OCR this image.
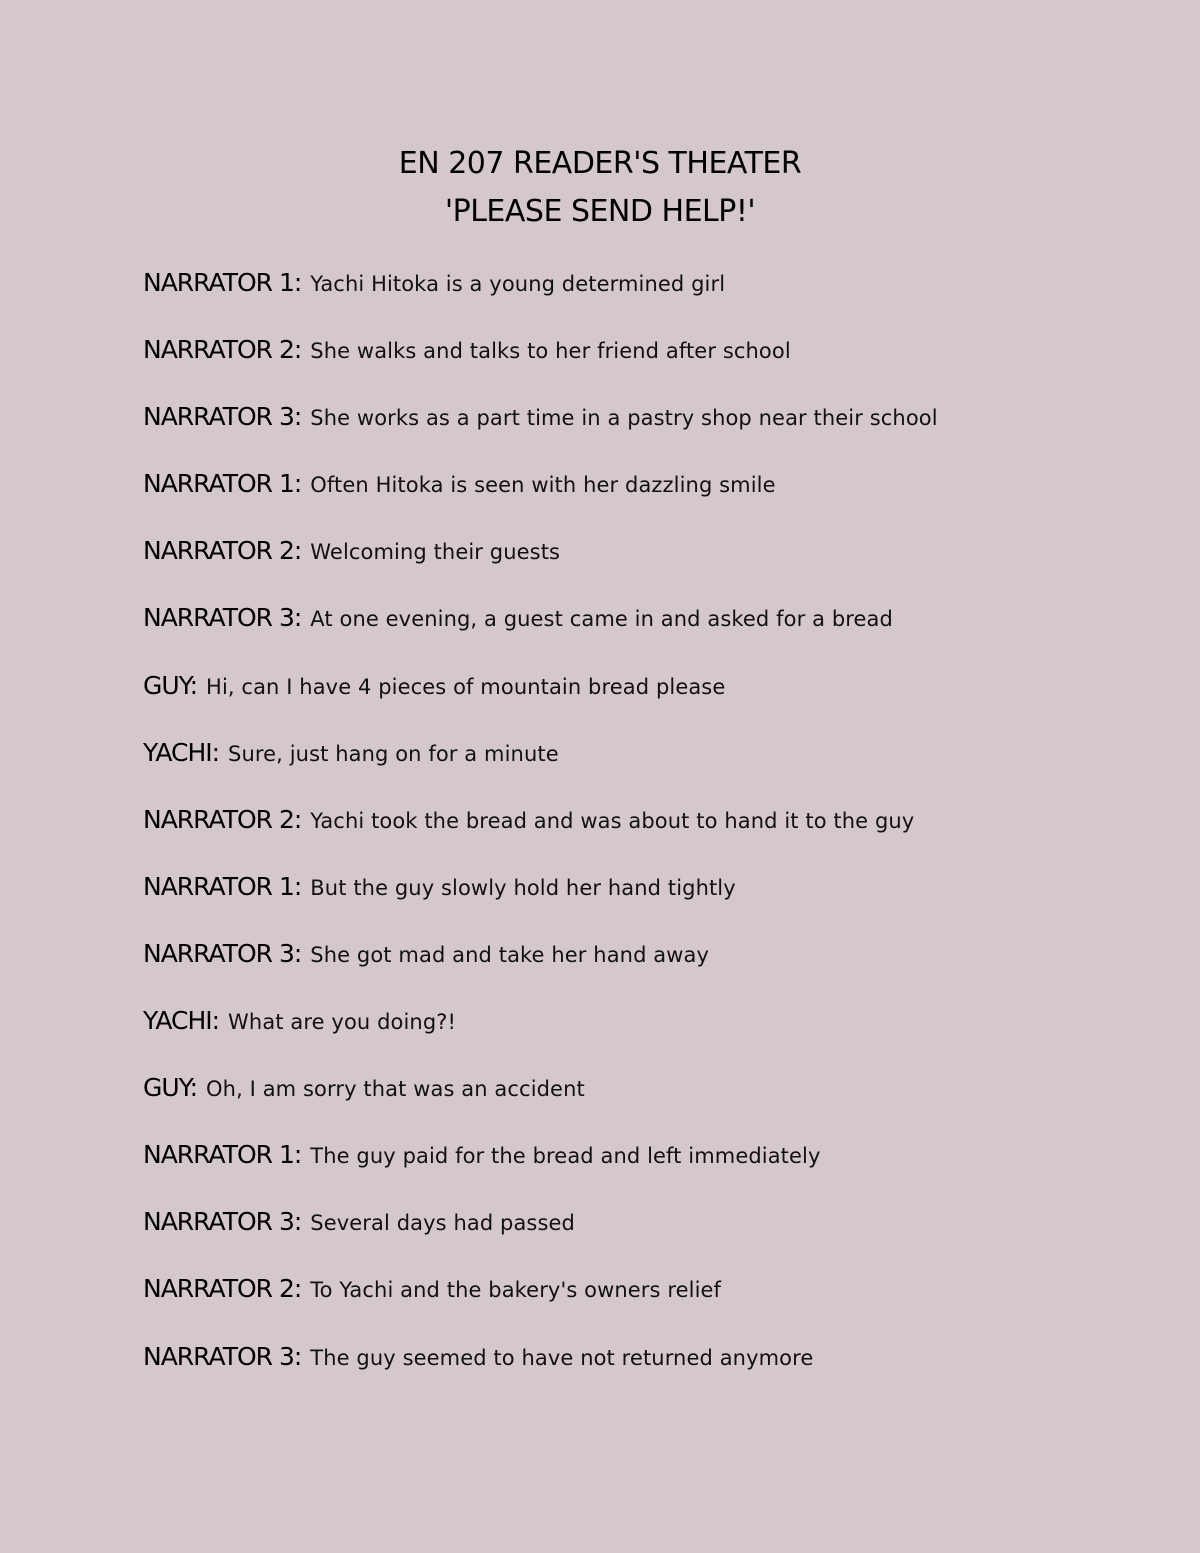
EN 207 READER'S THEATER
'PLEASE SEND HELP!'
NARRATOR 1: Yachi Hitoka is a young determined girl
NARRATOR 2: She walks and talks to her friend after school
NARRATOR 3: She works as a part time in a pastry shop near their school
NARRATOR 1: Often Hitoka is seen with her dazzling smile
NARRATOR 2: Welcoming their guests
NARRATOR 3: At one evening, a guest came in and asked for a bread
GUY: Hi, can I have 4 pieces of mountain bread please
YACHI: Sure, just hang on for a minute
NARRATOR 2: Yachi took the bread and was about to hand it to the guy
NARRATOR 1: But the guy slowly hold her hand tightly
NARRATOR 3: She got mad and take her hand away
YACHI: What are you doing?!
GUY: Oh, I am sorry that was an accident
NARRATOR 1: The guy paid for the bread and left immediately
NARRATOR 3: Several days had passed
NARRATOR 2: To Yachi and the bakery's owners relief
NARRATOR 3: The guy seemed to have not returned anymore
